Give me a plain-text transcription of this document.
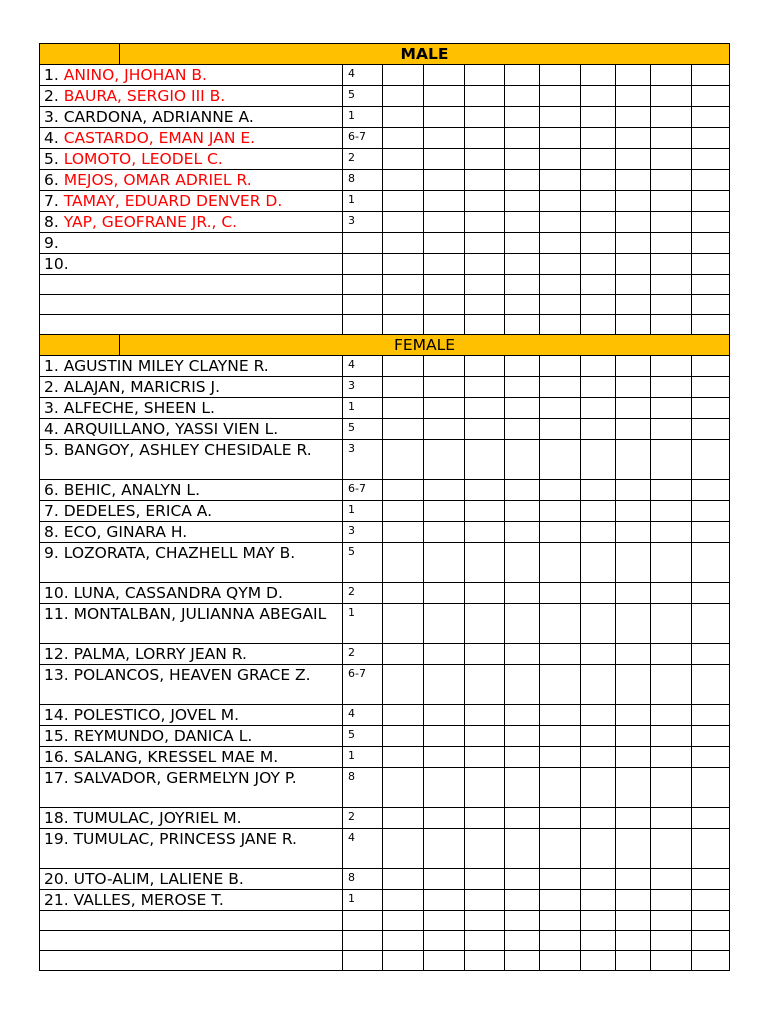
	MALE										
1. ANINO, JHOHAN B.		4									
2. BAURA, SERGIO III B.		5									
3. CARDONA, ADRIANNE A.		1									
4. CASTARDO, EMAN JAN E.		6-7									
5. LOMOTO, LEODEL C.		2									
6. MEJOS, OMAR ADRIEL R.		8									
7. TAMAY, EDUARD DENVER D.		1									
8. YAP, GEOFRANE JR., C.		3									
9.											
10.											

	FEMALE										
1. AGUSTIN MILEY CLAYNE R.		4									
2. ALAJAN, MARICRIS J.		3									
3. ALFECHE, SHEEN L.		1									
4. ARQUILLANO, YASSI VIEN L.		5									
5. BANGOY, ASHLEY CHESIDALE R.		3									
6. BEHIC, ANALYN L.		6-7									
7. DEDELES, ERICA A.		1									
8. ECO, GINARA H.		3									
9. LOZORATA, CHAZHELL MAY B.		5									
10. LUNA, CASSANDRA QYM D.		2									
11. MONTALBAN, JULIANNA ABEGAIL		1									
12. PALMA, LORRY JEAN R.		2									
13. POLANCOS, HEAVEN GRACE Z.		6-7									
14. POLESTICO, JOVEL M.		4									
15. REYMUNDO, DANICA L.		5									
16. SALANG, KRESSEL MAE M.		1									
17. SALVADOR, GERMELYN JOY P.		8									
18. TUMULAC, JOYRIEL M.		2									
19. TUMULAC, PRINCESS JANE R.		4									
20. UTO-ALIM, LALIENE B.		8									
21. VALLES, MEROSE T.		1									
